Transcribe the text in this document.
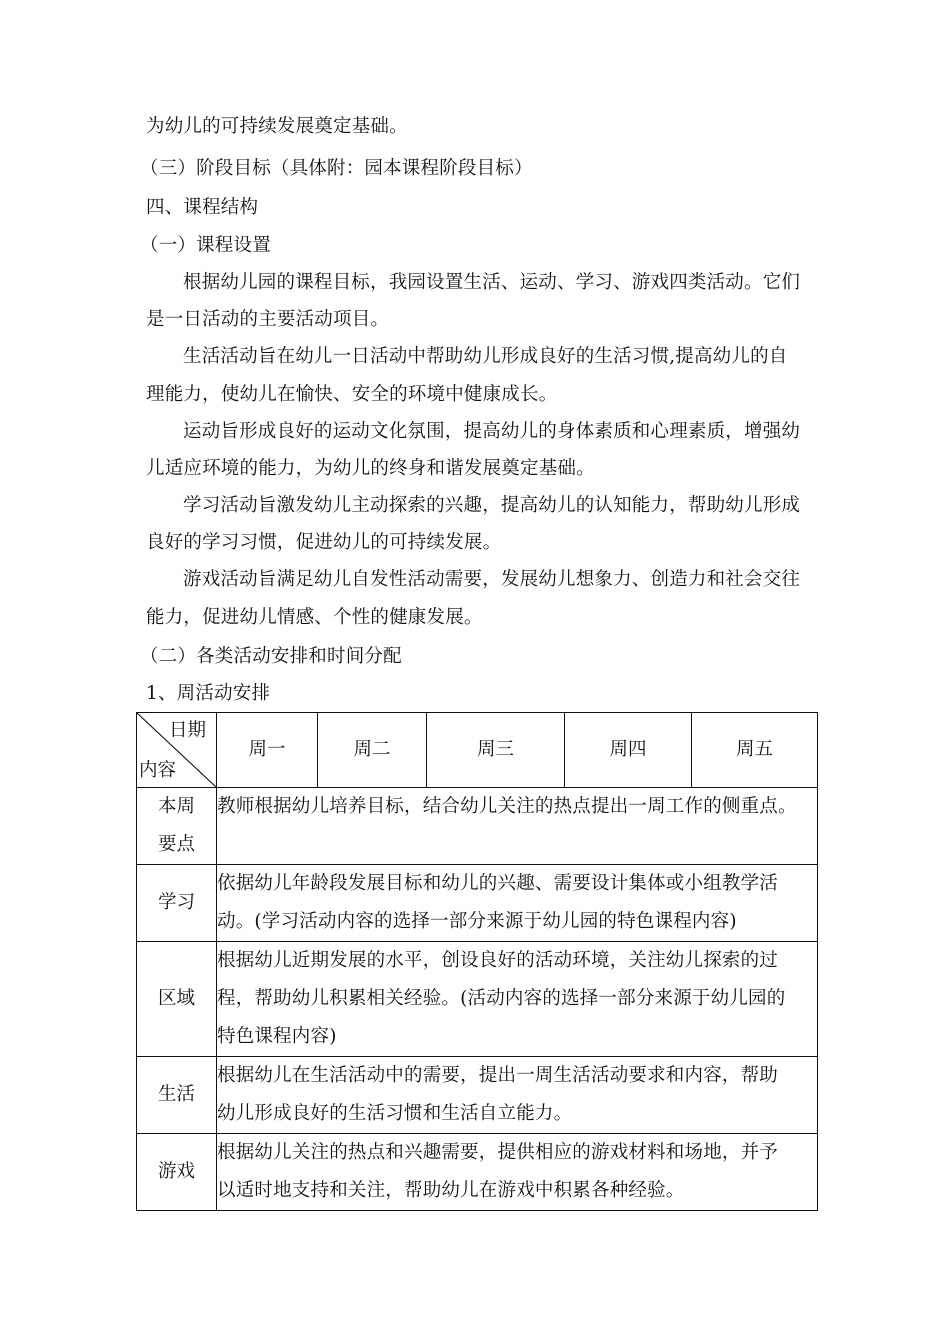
为幼儿的可持续发展奠定基础。
（三）阶段目标（具体附：园本课程阶段目标）
四、课程结构
（一）课程设置
根据幼儿园的课程目标，我园设置生活、运动、学习、游戏四类活动。它们
是一日活动的主要活动项目。
生活活动旨在幼儿一日活动中帮助幼儿形成良好的生活习惯,提高幼儿的自
理能力，使幼儿在愉快、安全的环境中健康成长。
运动旨形成良好的运动文化氛围，提高幼儿的身体素质和心理素质，增强幼
儿适应环境的能力，为幼儿的终身和谐发展奠定基础。
学习活动旨激发幼儿主动探索的兴趣，提高幼儿的认知能力，帮助幼儿形成
良好的学习习惯，促进幼儿的可持续发展。
游戏活动旨满足幼儿自发性活动需要，发展幼儿想象力、创造力和社会交往
能力，促进幼儿情感、个性的健康发展。
（二）各类活动安排和时间分配
1、周活动安排
日期
内容	周一	周二	周三	周四	周五

本周
要点	教师根据幼儿培养目标，结合幼儿关注的热点提出一周工作的侧重点。				

学习	依据幼儿年龄段发展目标和幼儿的兴趣、需要设计集体或小组教学活
动。(学习活动内容的选择一部分来源于幼儿园的特色课程内容)				

区域	根据幼儿近期发展的水平，创设良好的活动环境，关注幼儿探索的过
程，帮助幼儿积累相关经验。(活动内容的选择一部分来源于幼儿园的
特色课程内容)				

生活	根据幼儿在生活活动中的需要，提出一周生活活动要求和内容，帮助
幼儿形成良好的生活习惯和生活自立能力。				

游戏	根据幼儿关注的热点和兴趣需要，提供相应的游戏材料和场地，并予
以适时地支持和关注，帮助幼儿在游戏中积累各种经验。				
